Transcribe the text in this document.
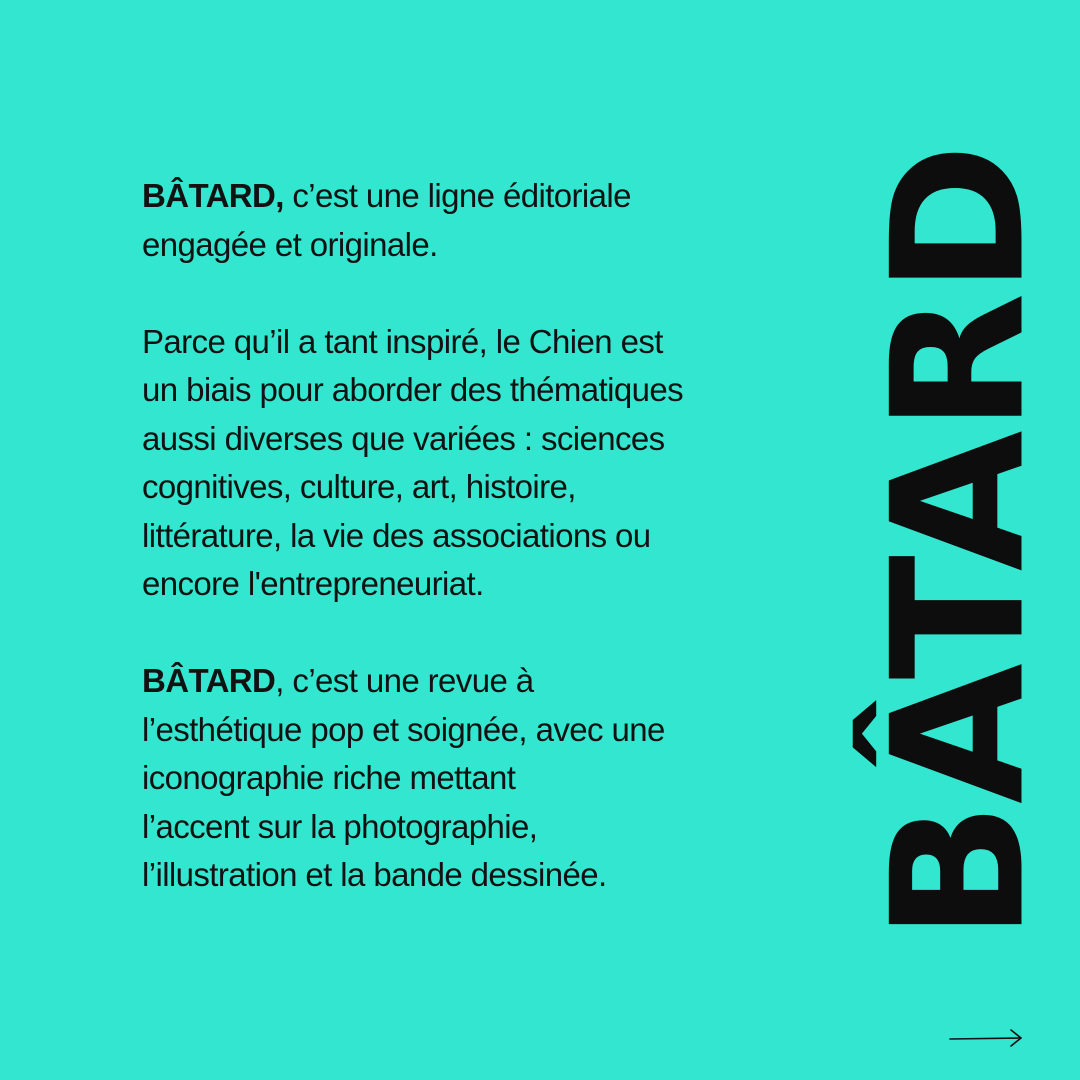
BÂTARD, c’est une ligne éditoriale
engagée et originale.

Parce qu’il a tant inspiré, le Chien est
un biais pour aborder des thématiques
aussi diverses que variées : sciences
cognitives, culture, art, histoire,
littérature, la vie des associations ou
encore l'entrepreneuriat.

BÂTARD, c’est une revue à
l’esthétique pop et soignée, avec une
iconographie riche mettant
l’accent sur la photographie,
l’illustration et la bande dessinée.	BÂTARD
